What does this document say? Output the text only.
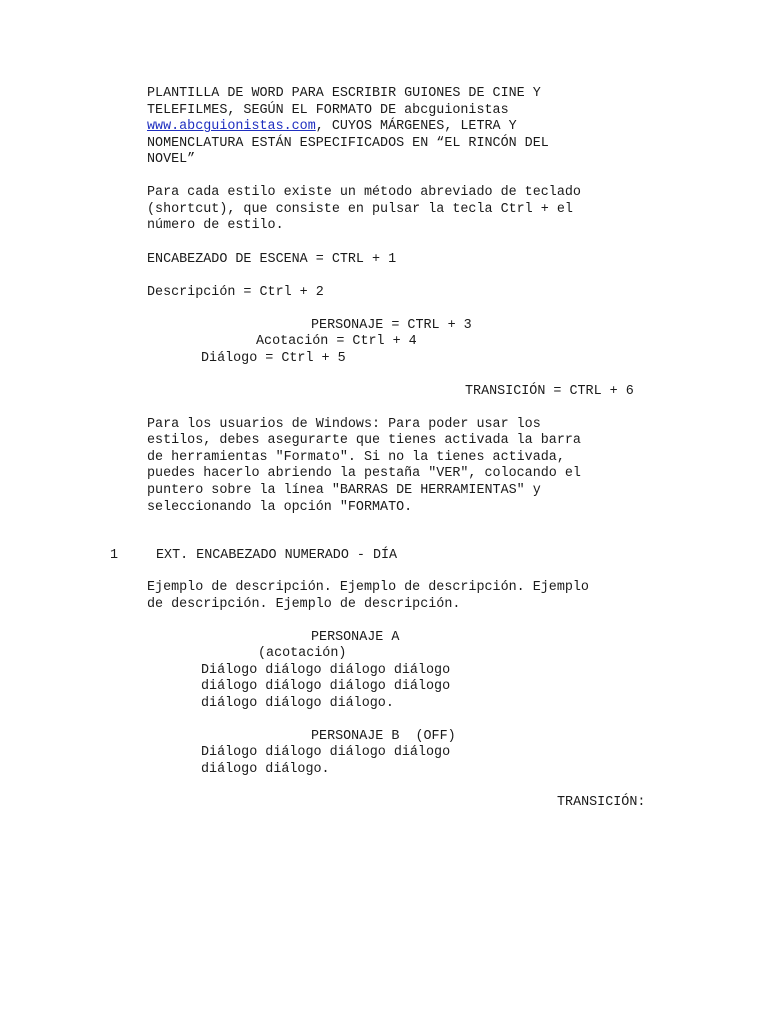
PLANTILLA DE WORD PARA ESCRIBIR GUIONES DE CINE Y
TELEFILMES, SEGÚN EL FORMATO DE abcguionistas
www.abcguionistas.com, CUYOS MÁRGENES, LETRA Y
NOMENCLATURA ESTÁN ESPECIFICADOS EN “EL RINCÓN DEL
NOVEL”
Para cada estilo existe un método abreviado de teclado
(shortcut), que consiste en pulsar la tecla Ctrl + el
número de estilo.
ENCABEZADO DE ESCENA = CTRL + 1
Descripción = Ctrl + 2
PERSONAJE = CTRL + 3
Acotación = Ctrl + 4
Diálogo = Ctrl + 5
TRANSICIÓN = CTRL + 6
Para los usuarios de Windows: Para poder usar los
estilos, debes asegurarte que tienes activada la barra
de herramientas "Formato". Si no la tienes activada,
puedes hacerlo abriendo la pestaña "VER", colocando el
puntero sobre la línea "BARRAS DE HERRAMIENTAS" y
seleccionando la opción "FORMATO.
1	EXT. ENCABEZADO NUMERADO - DÍA
Ejemplo de descripción. Ejemplo de descripción. Ejemplo
de descripción. Ejemplo de descripción.
PERSONAJE A
(acotación)
Diálogo diálogo diálogo diálogo
diálogo diálogo diálogo diálogo
diálogo diálogo diálogo.
PERSONAJE B  (OFF)
Diálogo diálogo diálogo diálogo
diálogo diálogo.
TRANSICIÓN:
